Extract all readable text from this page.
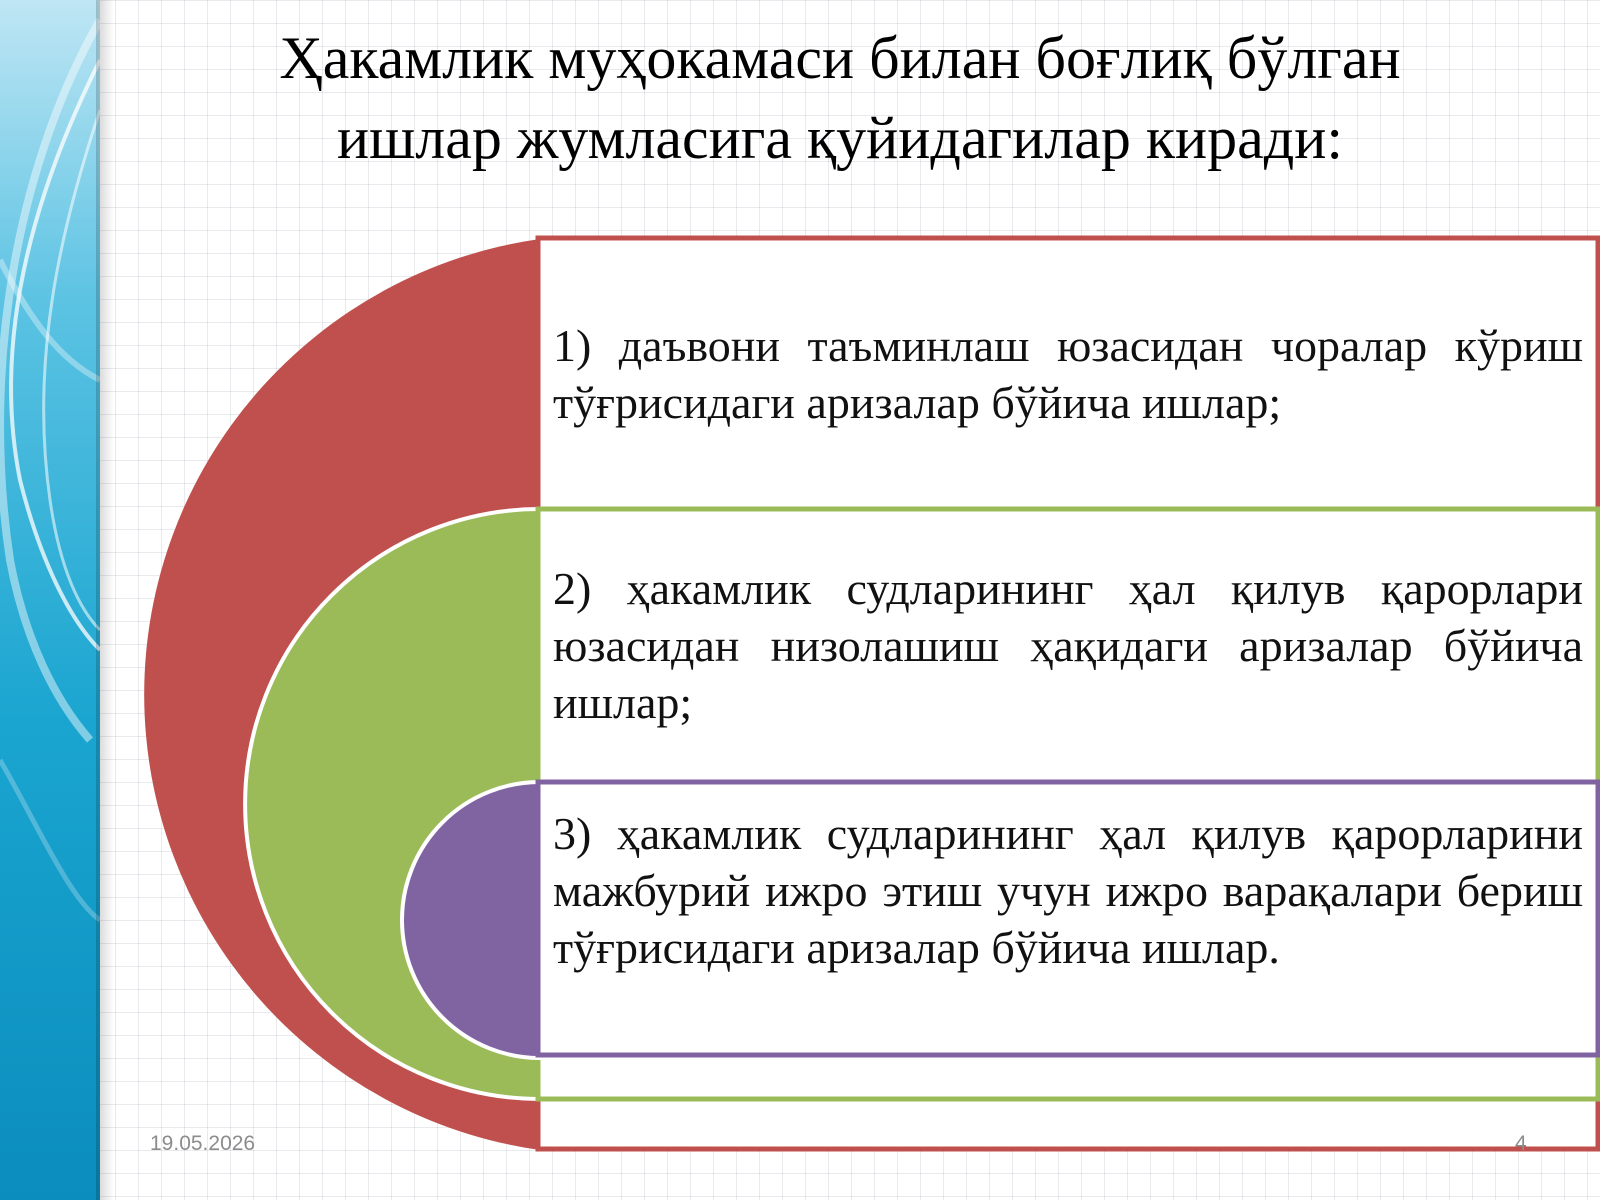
Ҳакамлик муҳокамаси билан боғлиқ бўлган
ишлар жумласига қуйидагилар киради:

1) даъвони таъминлаш юзасидан чоралар кўриш тўғрисидаги аризалар бўйича ишлар;

2) ҳакамлик судларининг ҳал қилув қарорлари юзасидан низолашиш ҳақидаги аризалар бўйича ишлар;

3) ҳакамлик судларининг ҳал қилув қарорларини мажбурий ижро этиш учун ижро варақалари бериш тўғрисидаги аризалар бўйича ишлар.

19.05.2026	4
